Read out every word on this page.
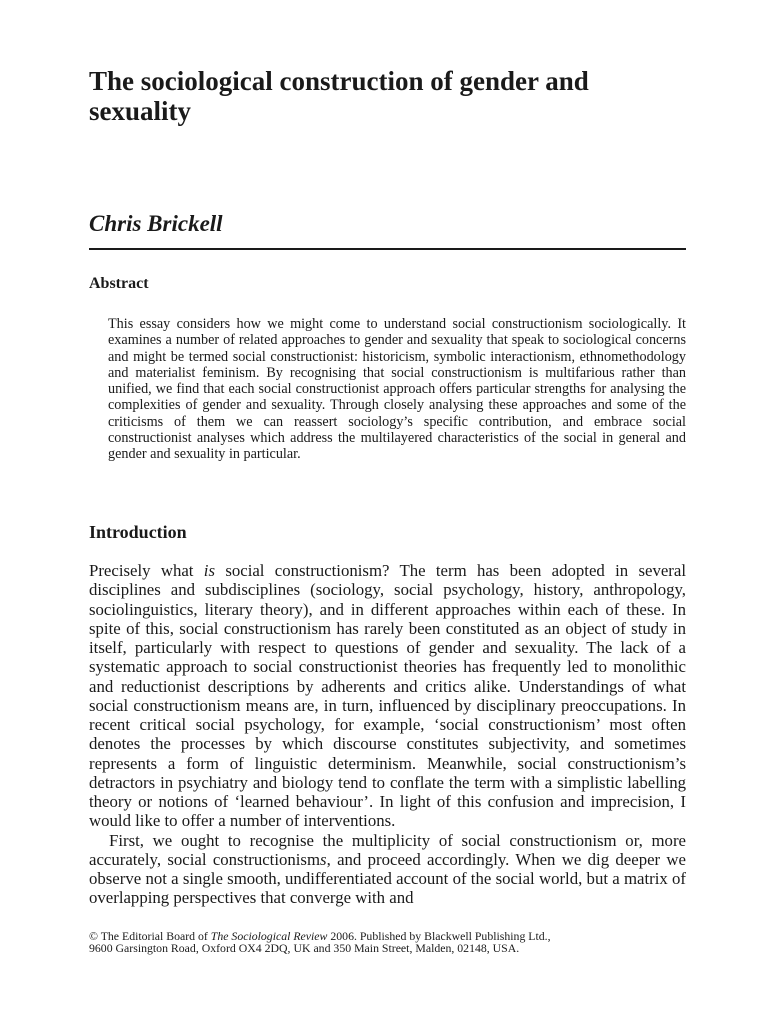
The sociological construction of gender and sexuality
Chris Brickell
Abstract

This essay considers how we might come to understand social constructionism sociologically. It examines a number of related approaches to gender and sexuality that speak to sociological concerns and might be termed social constructionist: historicism, symbolic interactionism, ethnomethodology and materialist feminism. By recognising that social constructionism is multifarious rather than unified, we find that each social constructionist approach offers particular strengths for analysing the complexities of gender and sexuality. Through closely analysing these approaches and some of the criticisms of them we can reassert sociology’s specific contribution, and embrace social constructionist analyses which address the multilayered characteristics of the social in general and gender and sexuality in particular.

Introduction

Precisely what is social constructionism? The term has been adopted in several disciplines and subdisciplines (sociology, social psychology, history, anthropology, sociolinguistics, literary theory), and in different approaches within each of these. In spite of this, social constructionism has rarely been constituted as an object of study in itself, particularly with respect to questions of gender and sexuality. The lack of a systematic approach to social constructionist theories has frequently led to monolithic and reductionist descriptions by adherents and critics alike. Understandings of what social constructionism means are, in turn, influenced by disciplinary preoccupations. In recent critical social psychology, for example, ‘social constructionism’ most often denotes the processes by which discourse constitutes subjectivity, and sometimes represents a form of linguistic determinism. Meanwhile, social constructionism’s detractors in psychiatry and biology tend to conflate the term with a simplistic labelling theory or notions of ‘learned behaviour’. In light of this confusion and imprecision, I would like to offer a number of interventions.

First, we ought to recognise the multiplicity of social constructionism or, more accurately, social constructionisms, and proceed accordingly. When we dig deeper we observe not a single smooth, undifferentiated account of the social world, but a matrix of overlapping perspectives that converge with and

© The Editorial Board of The Sociological Review 2006. Published by Blackwell Publishing Ltd.,
9600 Garsington Road, Oxford OX4 2DQ, UK and 350 Main Street, Malden, 02148, USA.
